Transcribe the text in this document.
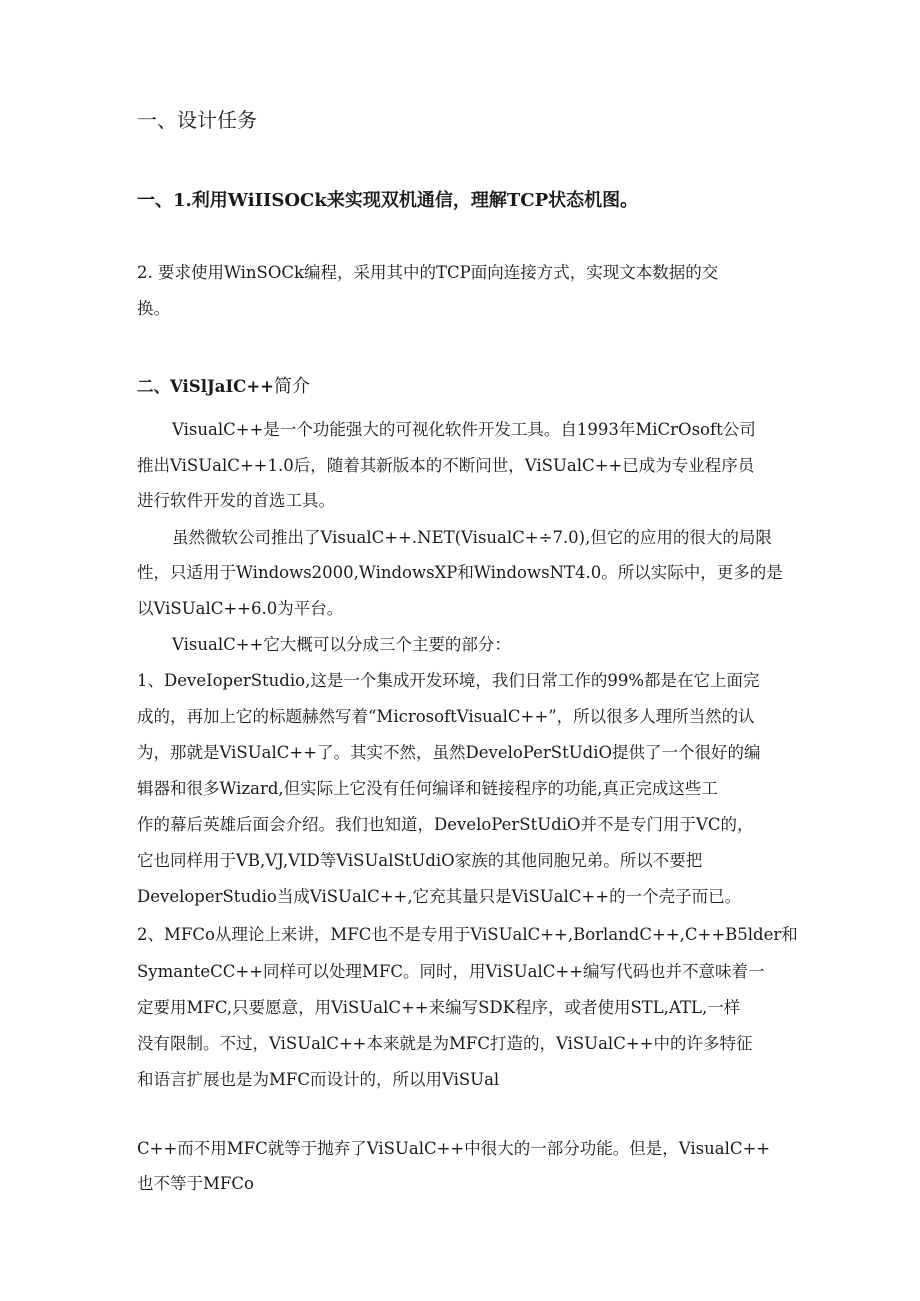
一、设计任务
一、1.利用WiIISOCk来实现双机通信，理解TCP状态机图。
2. 要求使用WinSOCk编程，采用其中的TCP面向连接方式，实现文本数据的交
换。
二、ViSlJaIC++简介
VisualC++是一个功能强大的可视化软件开发工具。自1993年MiCrOsoft公司
推出ViSUalC++1.0后，随着其新版本的不断问世，ViSUalC++已成为专业程序员
进行软件开发的首选工具。
虽然微软公司推出了VisualC++.NET(VisualC+÷7.0),但它的应用的很大的局限
性，只适用于Windows2000,WindowsXP和WindowsNT4.0。所以实际中，更多的是
以ViSUalC++6.0为平台。
VisualC++它大概可以分成三个主要的部分：
1、DeveIoperStudio,这是一个集成开发环境，我们日常工作的99%都是在它上面完
成的，再加上它的标题赫然写着“MicrosoftVisualC++”，所以很多人理所当然的认
为，那就是ViSUalC++了。其实不然，虽然DeveloPerStUdiO提供了一个很好的编
辑器和很多Wizard,但实际上它没有任何编译和链接程序的功能,真正完成这些工
作的幕后英雄后面会介绍。我们也知道，DeveloPerStUdiO并不是专门用于VC的，
它也同样用于VB,VJ,VID等ViSUalStUdiO家族的其他同胞兄弟。所以不要把
DeveloperStudio当成ViSUalC++,它充其量只是ViSUalC++的一个壳子而已。
2、MFCo从理论上来讲，MFC也不是专用于ViSUalC++,BorlandC++,C++B5lder和
SymanteCC++同样可以处理MFC。同时，用ViSUalC++编写代码也并不意味着一
定要用MFC,只要愿意，用ViSUalC++来编写SDK程序，或者使用STL,ATL,一样
没有限制。不过，ViSUalC++本来就是为MFC打造的，ViSUalC++中的许多特征
和语言扩展也是为MFC而设计的，所以用ViSUal
C++而不用MFC就等于抛弃了ViSUalC++中很大的一部分功能。但是，VisualC++
也不等于MFCo
